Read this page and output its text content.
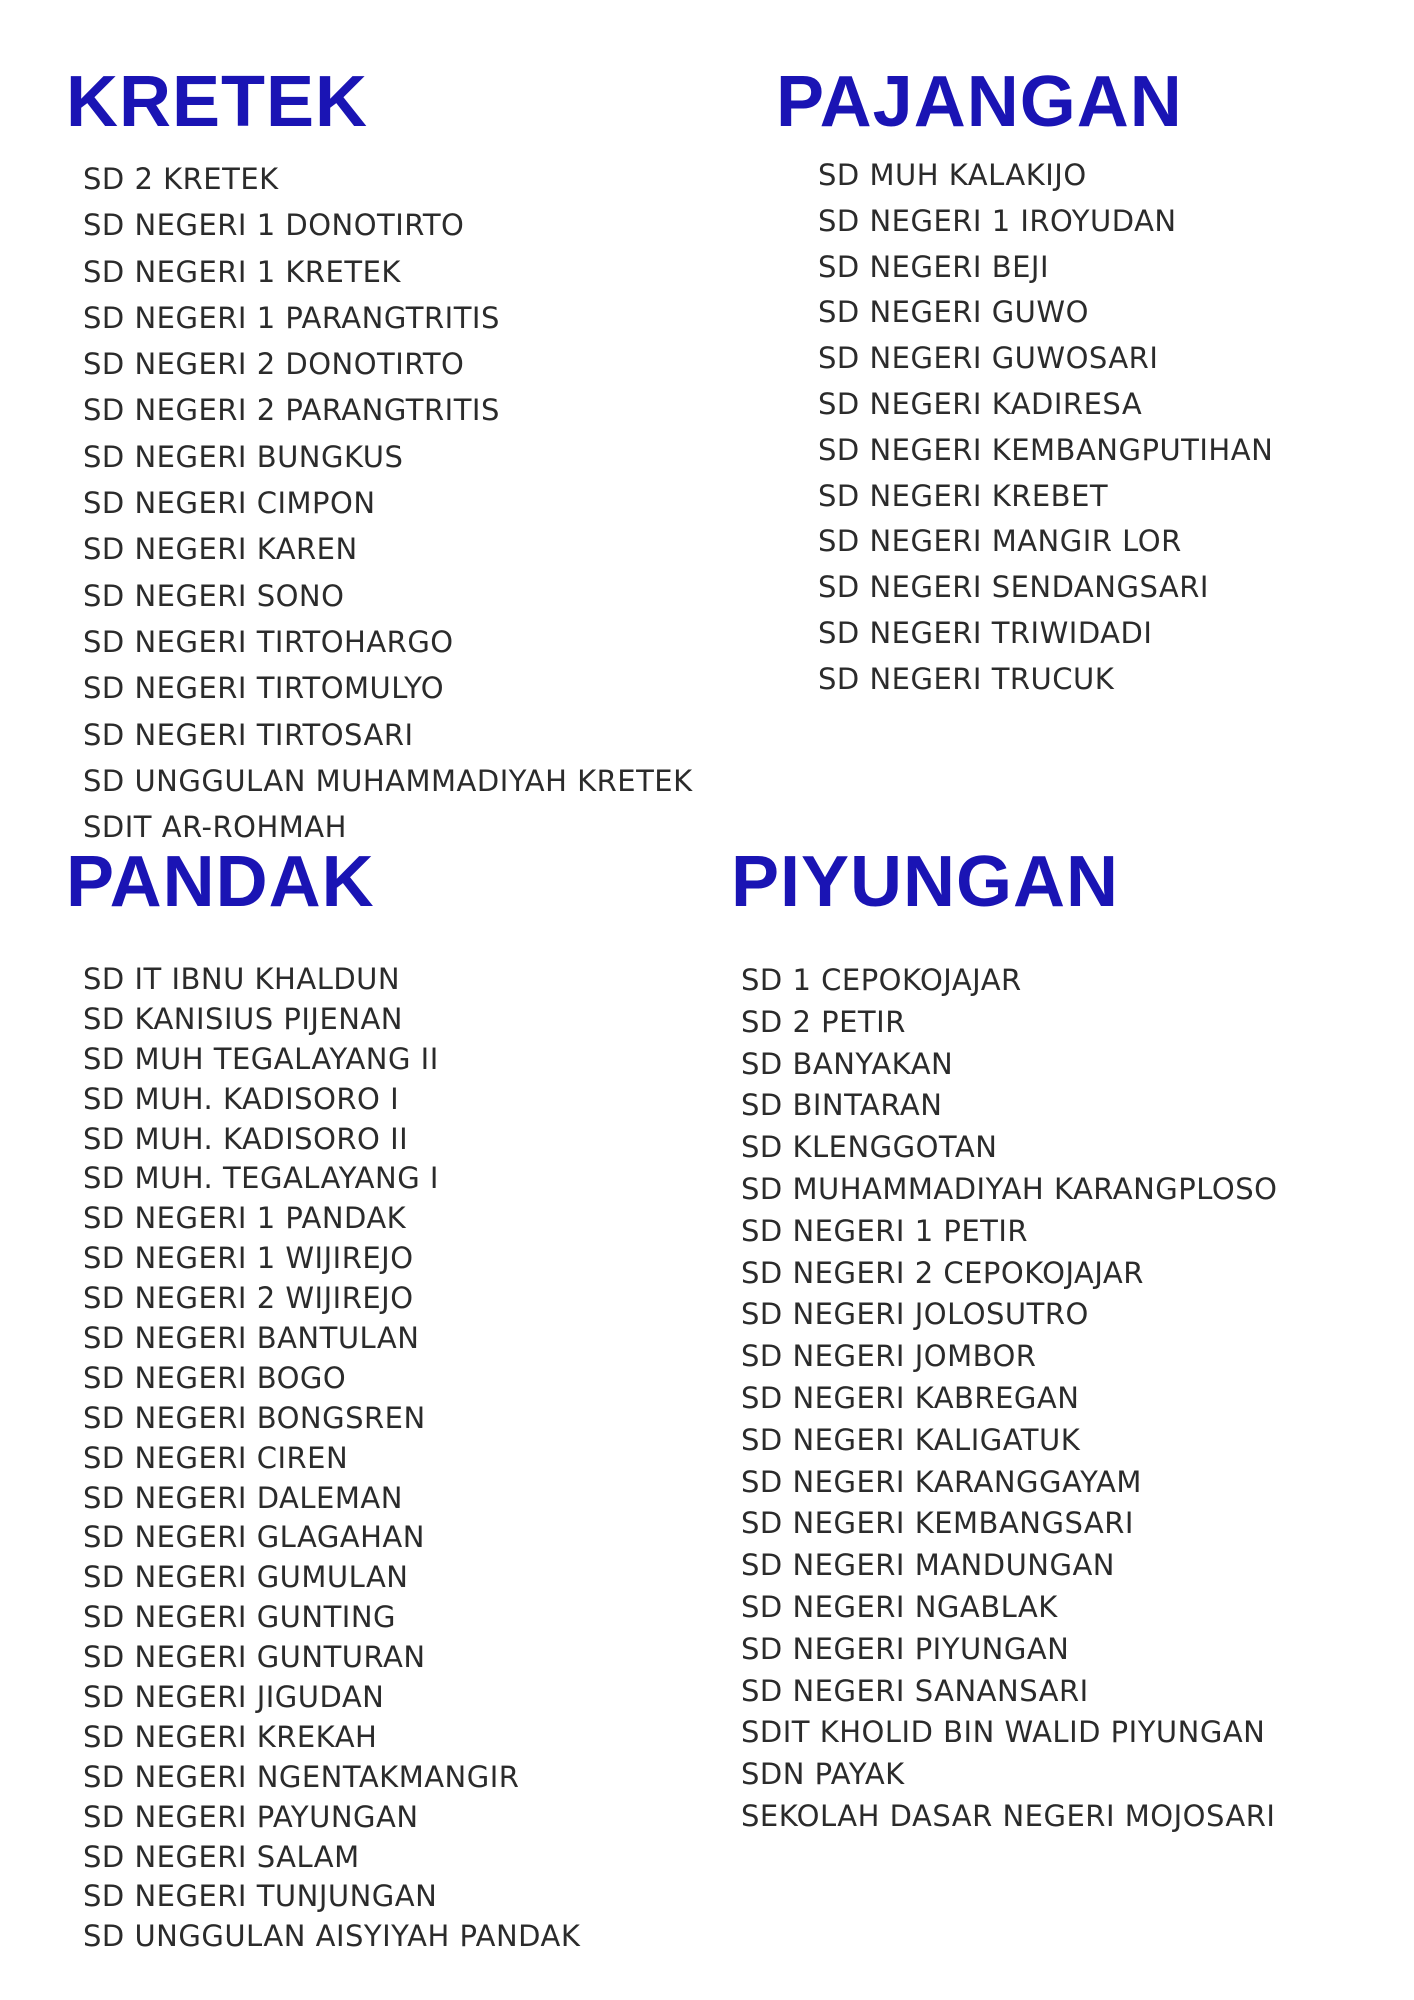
KRETEK
SD 2 KRETEK
SD NEGERI 1 DONOTIRTO
SD NEGERI 1 KRETEK
SD NEGERI 1 PARANGTRITIS
SD NEGERI 2 DONOTIRTO
SD NEGERI 2 PARANGTRITIS
SD NEGERI BUNGKUS
SD NEGERI CIMPON
SD NEGERI KAREN
SD NEGERI SONO
SD NEGERI TIRTOHARGO
SD NEGERI TIRTOMULYO
SD NEGERI TIRTOSARI
SD UNGGULAN MUHAMMADIYAH KRETEK
SDIT AR-ROHMAH
PAJANGAN
SD MUH KALAKIJO
SD NEGERI 1 IROYUDAN
SD NEGERI BEJI
SD NEGERI GUWO
SD NEGERI GUWOSARI
SD NEGERI KADIRESA
SD NEGERI KEMBANGPUTIHAN
SD NEGERI KREBET
SD NEGERI MANGIR LOR
SD NEGERI SENDANGSARI
SD NEGERI TRIWIDADI
SD NEGERI TRUCUK
PANDAK
SD IT IBNU KHALDUN
SD KANISIUS PIJENAN
SD MUH TEGALAYANG II
SD MUH. KADISORO I
SD MUH. KADISORO II
SD MUH. TEGALAYANG I
SD NEGERI 1 PANDAK
SD NEGERI 1 WIJIREJO
SD NEGERI 2 WIJIREJO
SD NEGERI BANTULAN
SD NEGERI BOGO
SD NEGERI BONGSREN
SD NEGERI CIREN
SD NEGERI DALEMAN
SD NEGERI GLAGAHAN
SD NEGERI GUMULAN
SD NEGERI GUNTING
SD NEGERI GUNTURAN
SD NEGERI JIGUDAN
SD NEGERI KREKAH
SD NEGERI NGENTAKMANGIR
SD NEGERI PAYUNGAN
SD NEGERI SALAM
SD NEGERI TUNJUNGAN
SD UNGGULAN AISYIYAH PANDAK
PIYUNGAN
SD 1 CEPOKOJAJAR
SD 2 PETIR
SD BANYAKAN
SD BINTARAN
SD KLENGGOTAN
SD MUHAMMADIYAH KARANGPLOSO
SD NEGERI 1 PETIR
SD NEGERI 2 CEPOKOJAJAR
SD NEGERI JOLOSUTRO
SD NEGERI JOMBOR
SD NEGERI KABREGAN
SD NEGERI KALIGATUK
SD NEGERI KARANGGAYAM
SD NEGERI KEMBANGSARI
SD NEGERI MANDUNGAN
SD NEGERI NGABLAK
SD NEGERI PIYUNGAN
SD NEGERI SANANSARI
SDIT KHOLID BIN WALID PIYUNGAN
SDN PAYAK
SEKOLAH DASAR NEGERI MOJOSARI
